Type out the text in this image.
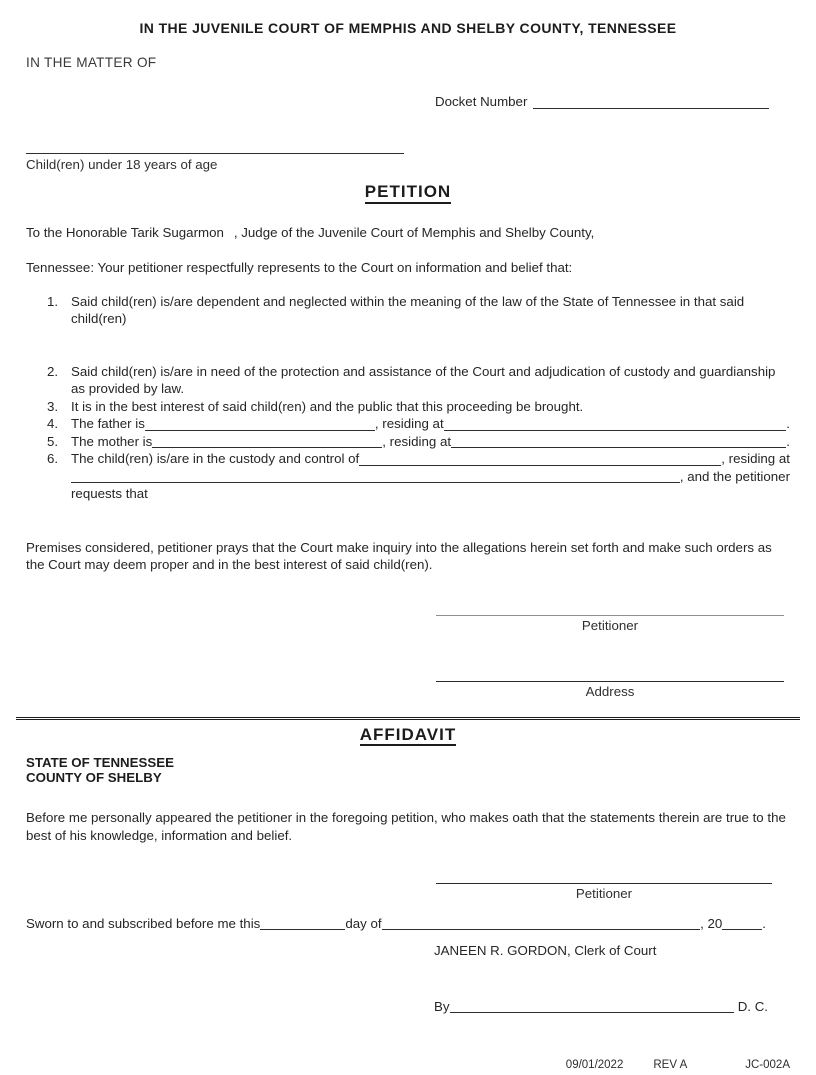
IN THE JUVENILE COURT OF MEMPHIS AND SHELBY COUNTY, TENNESSEE
IN THE MATTER OF
Docket Number
Child(ren) under 18 years of age
PETITION
To the Honorable Tarik Sugarmon , Judge of the Juvenile Court of Memphis and Shelby County,
Tennessee: Your petitioner respectfully represents to the Court on information and belief that:
1. Said child(ren) is/are dependent and neglected within the meaning of the law of the State of Tennessee in that said child(ren)
2. Said child(ren) is/are in need of the protection and assistance of the Court and adjudication of custody and guardianship as provided by law.
3. It is in the best interest of said child(ren) and the public that this proceeding be brought.
4. The father is	, residing at	.
5. The mother is	, residing at	.
6. The child(ren) is/are in the custody and control of	, residing at
, and the petitioner
requests that
Premises considered, petitioner prays that the Court make inquiry into the allegations herein set forth and make such orders as the Court may deem proper and in the best interest of said child(ren).
Petitioner
Address
AFFIDAVIT
STATE OF TENNESSEE
COUNTY OF SHELBY
Before me personally appeared the petitioner in the foregoing petition, who makes oath that the statements therein are true to the best of his knowledge, information and belief.
Petitioner
Sworn to and subscribed before me this	day of	, 20	.
JANEEN R. GORDON, Clerk of Court
By	D. C.
09/01/2022	REV A	JC-002A
